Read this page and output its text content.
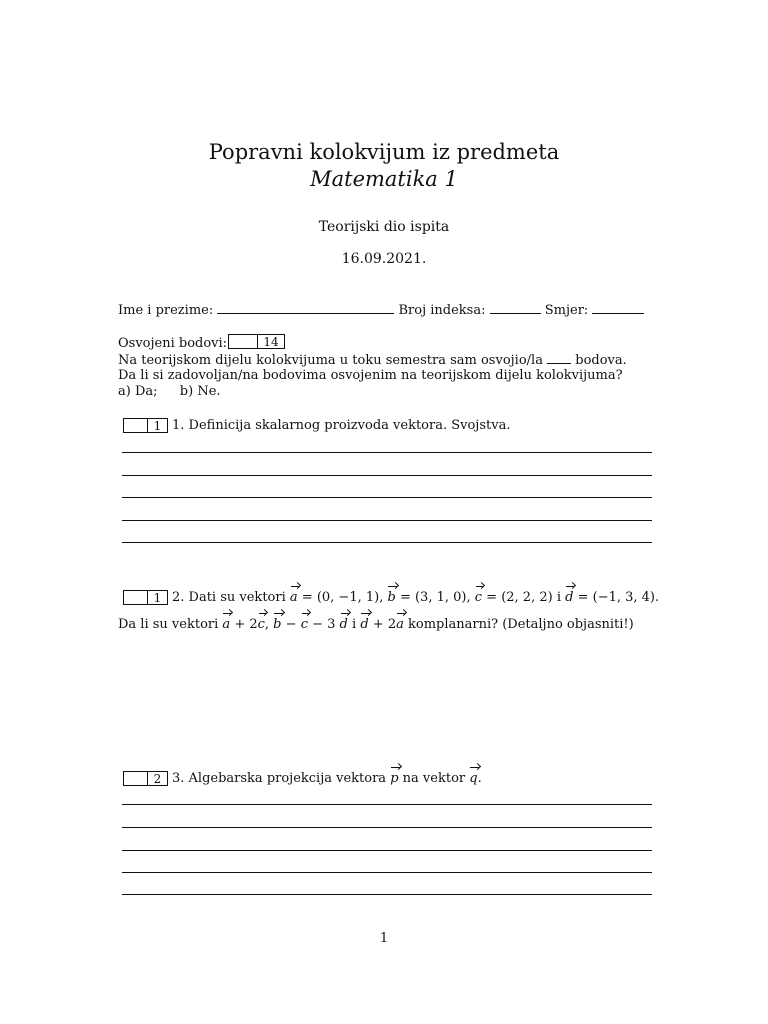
Popravni kolokvijum iz predmeta
Matematika 1
Teorijski dio ispita
16.09.2021.
Ime i prezime:	Broj indeksa:	Smjer:
Osvojeni bodovi:	14
Na teorijskom dijelu kolokvijuma u toku semestra sam osvojio/la bodova.
Da li si zadovoljan/na bodovima osvojenim na teorijskom dijelu kolokvijuma?
a) Da; b) Ne.
1 1. Definicija skalarnog proizvoda vektora. Svojstva.
1 2. Dati su vektori a = (0, −1, 1), b = (3, 1, 0), c = (2, 2, 2) i d = (−1, 3, 4).
Da li su vektori a + 2c, b − c − 3 d i d + 2a komplanarni? (Detaljno objasniti!)
2 3. Algebarska projekcija vektora p na vektor q.
1
